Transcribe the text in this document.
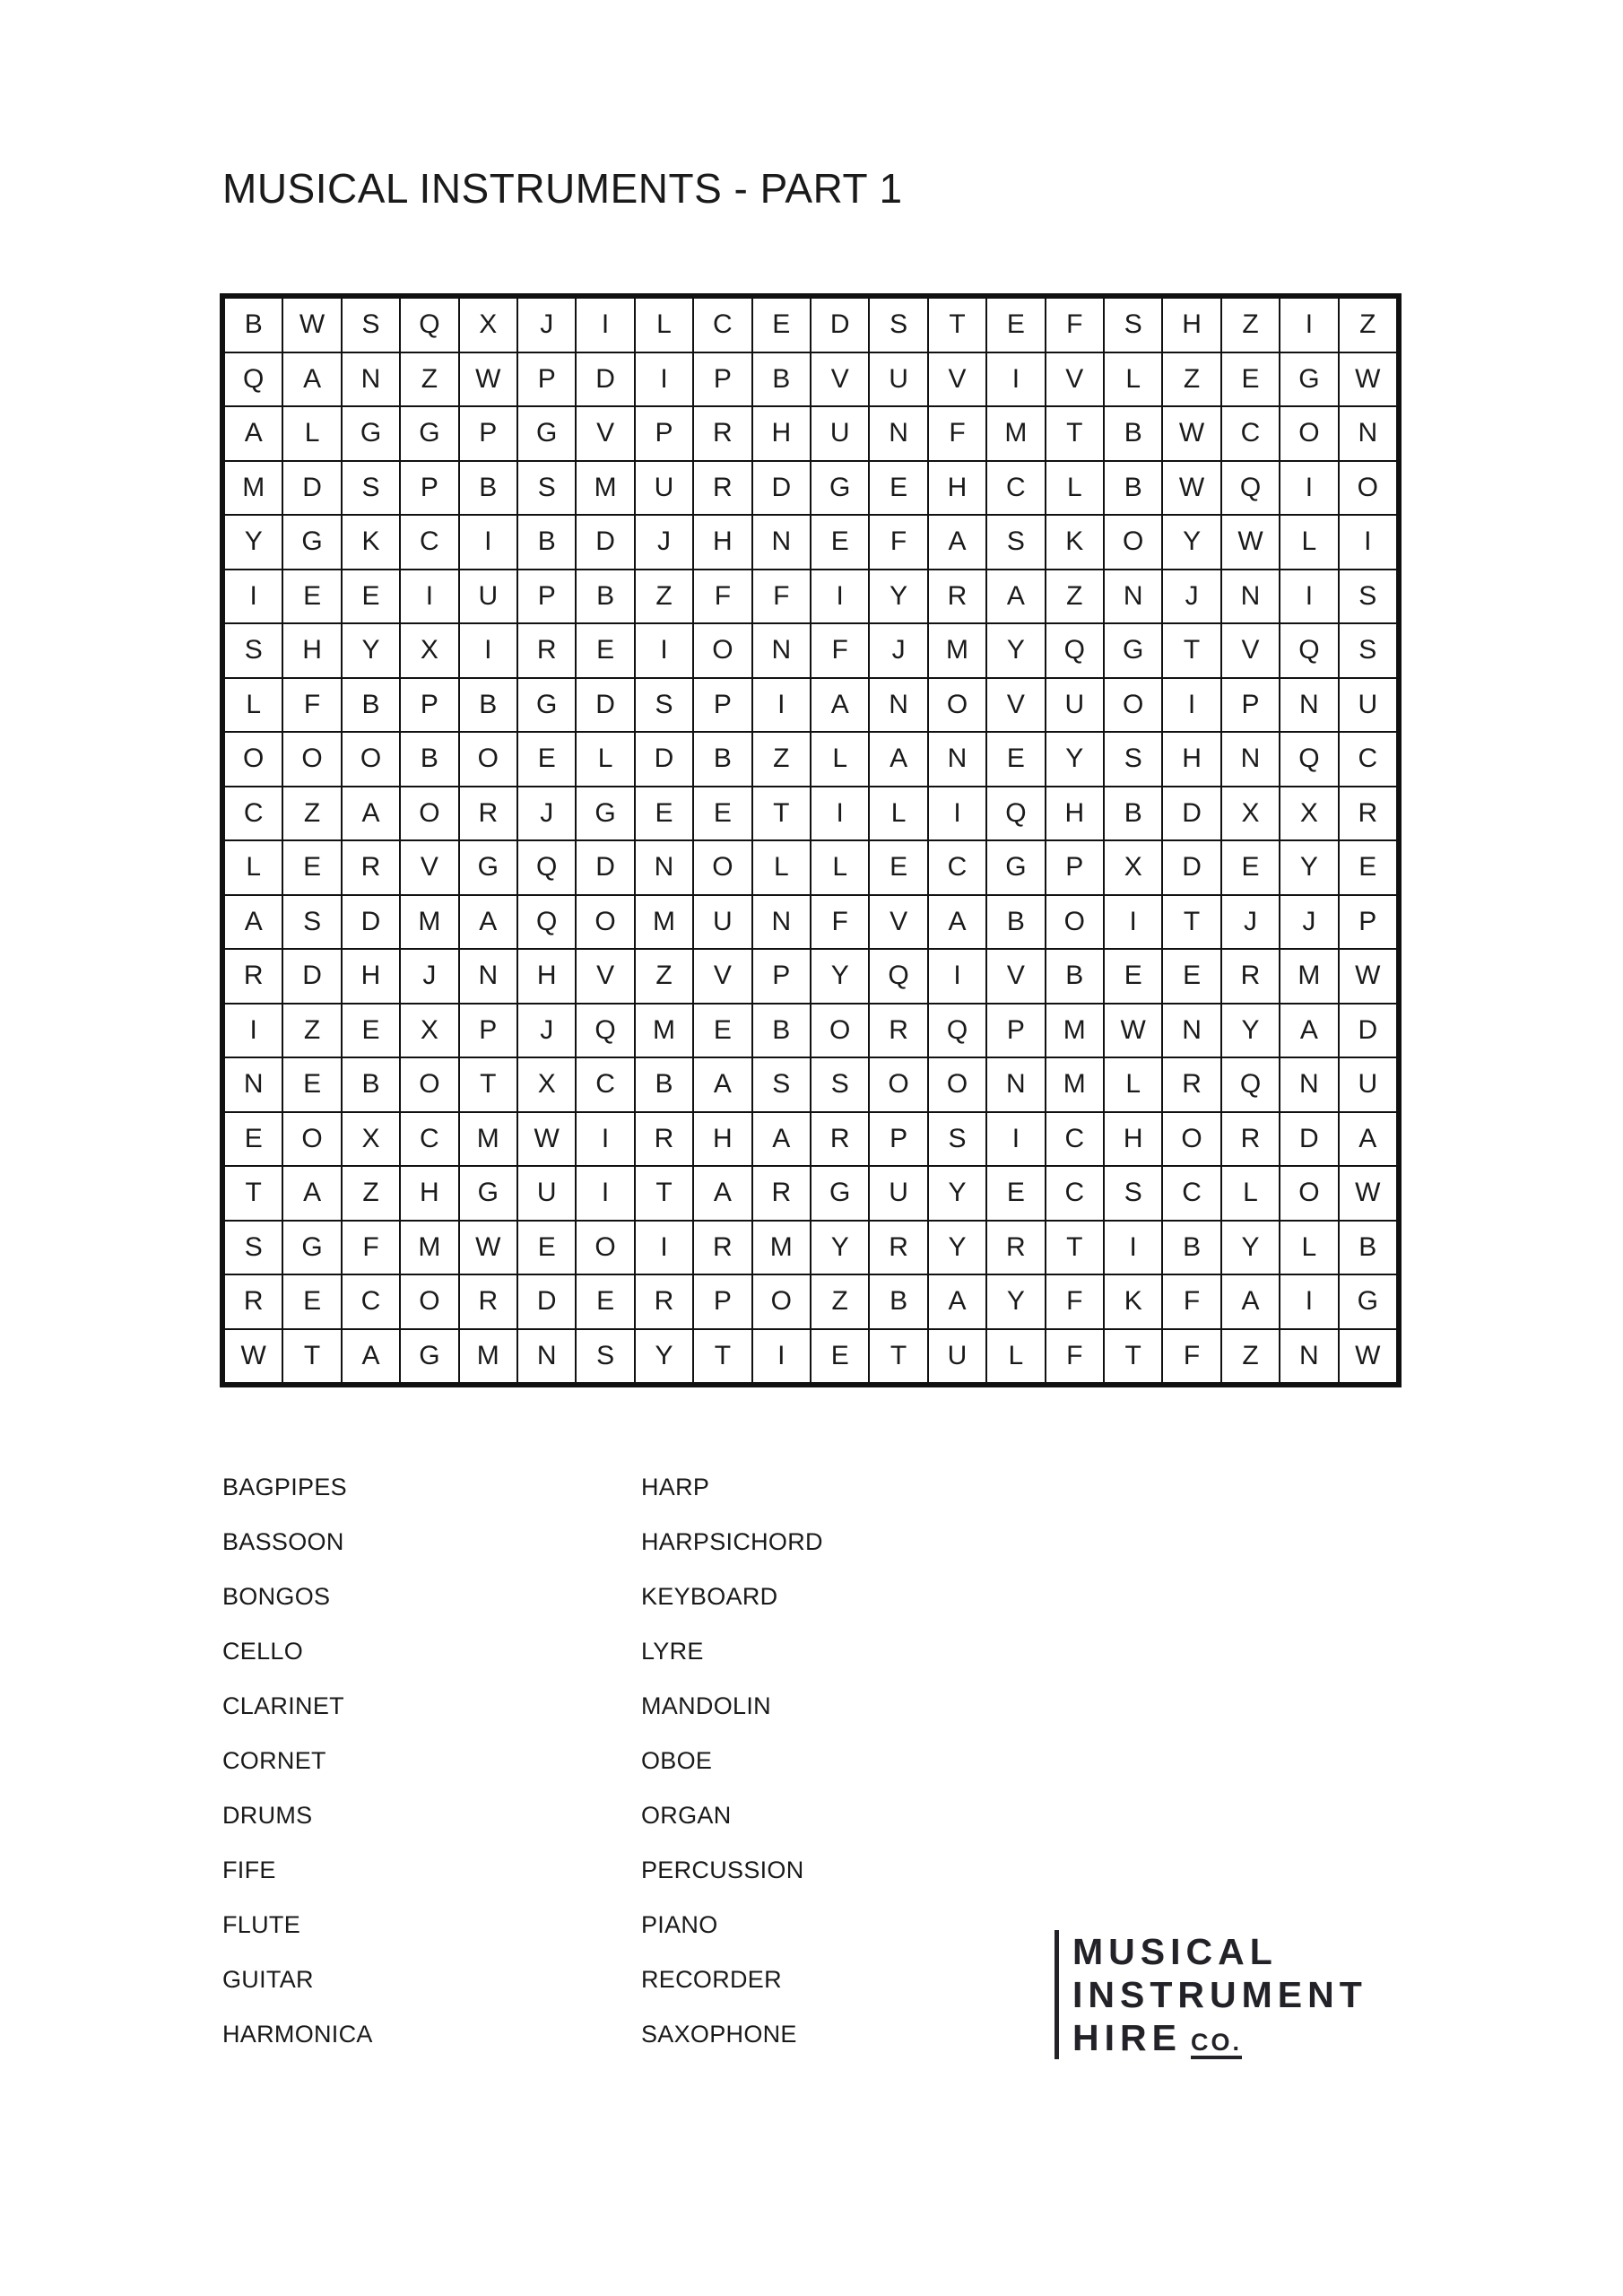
MUSICAL INSTRUMENTS - PART 1
B	W	S	Q	X	J	I	L	C	E	D	S	T	E	F	S	H	Z	I	Z
Q	A	N	Z	W	P	D	I	P	B	V	U	V	I	V	L	Z	E	G	W
A	L	G	G	P	G	V	P	R	H	U	N	F	M	T	B	W	C	O	N
M	D	S	P	B	S	M	U	R	D	G	E	H	C	L	B	W	Q	I	O
Y	G	K	C	I	B	D	J	H	N	E	F	A	S	K	O	Y	W	L	I
I	E	E	I	U	P	B	Z	F	F	I	Y	R	A	Z	N	J	N	I	S
S	H	Y	X	I	R	E	I	O	N	F	J	M	Y	Q	G	T	V	Q	S
L	F	B	P	B	G	D	S	P	I	A	N	O	V	U	O	I	P	N	U
O	O	O	B	O	E	L	D	B	Z	L	A	N	E	Y	S	H	N	Q	C
C	Z	A	O	R	J	G	E	E	T	I	L	I	Q	H	B	D	X	X	R
L	E	R	V	G	Q	D	N	O	L	L	E	C	G	P	X	D	E	Y	E
A	S	D	M	A	Q	O	M	U	N	F	V	A	B	O	I	T	J	J	P
R	D	H	J	N	H	V	Z	V	P	Y	Q	I	V	B	E	E	R	M	W
I	Z	E	X	P	J	Q	M	E	B	O	R	Q	P	M	W	N	Y	A	D
N	E	B	O	T	X	C	B	A	S	S	O	O	N	M	L	R	Q	N	U
E	O	X	C	M	W	I	R	H	A	R	P	S	I	C	H	O	R	D	A
T	A	Z	H	G	U	I	T	A	R	G	U	Y	E	C	S	C	L	O	W
S	G	F	M	W	E	O	I	R	M	Y	R	Y	R	T	I	B	Y	L	B
R	E	C	O	R	D	E	R	P	O	Z	B	A	Y	F	K	F	A	I	G
W	T	A	G	M	N	S	Y	T	I	E	T	U	L	F	T	F	Z	N	W
BAGPIPES
BASSOON
BONGOS
CELLO
CLARINET
CORNET
DRUMS
FIFE
FLUTE
GUITAR
HARMONICA
HARP
HARPSICHORD
KEYBOARD
LYRE
MANDOLIN
OBOE
ORGAN
PERCUSSION
PIANO
RECORDER
SAXOPHONE
MUSICAL
INSTRUMENT
HIRE CO.
